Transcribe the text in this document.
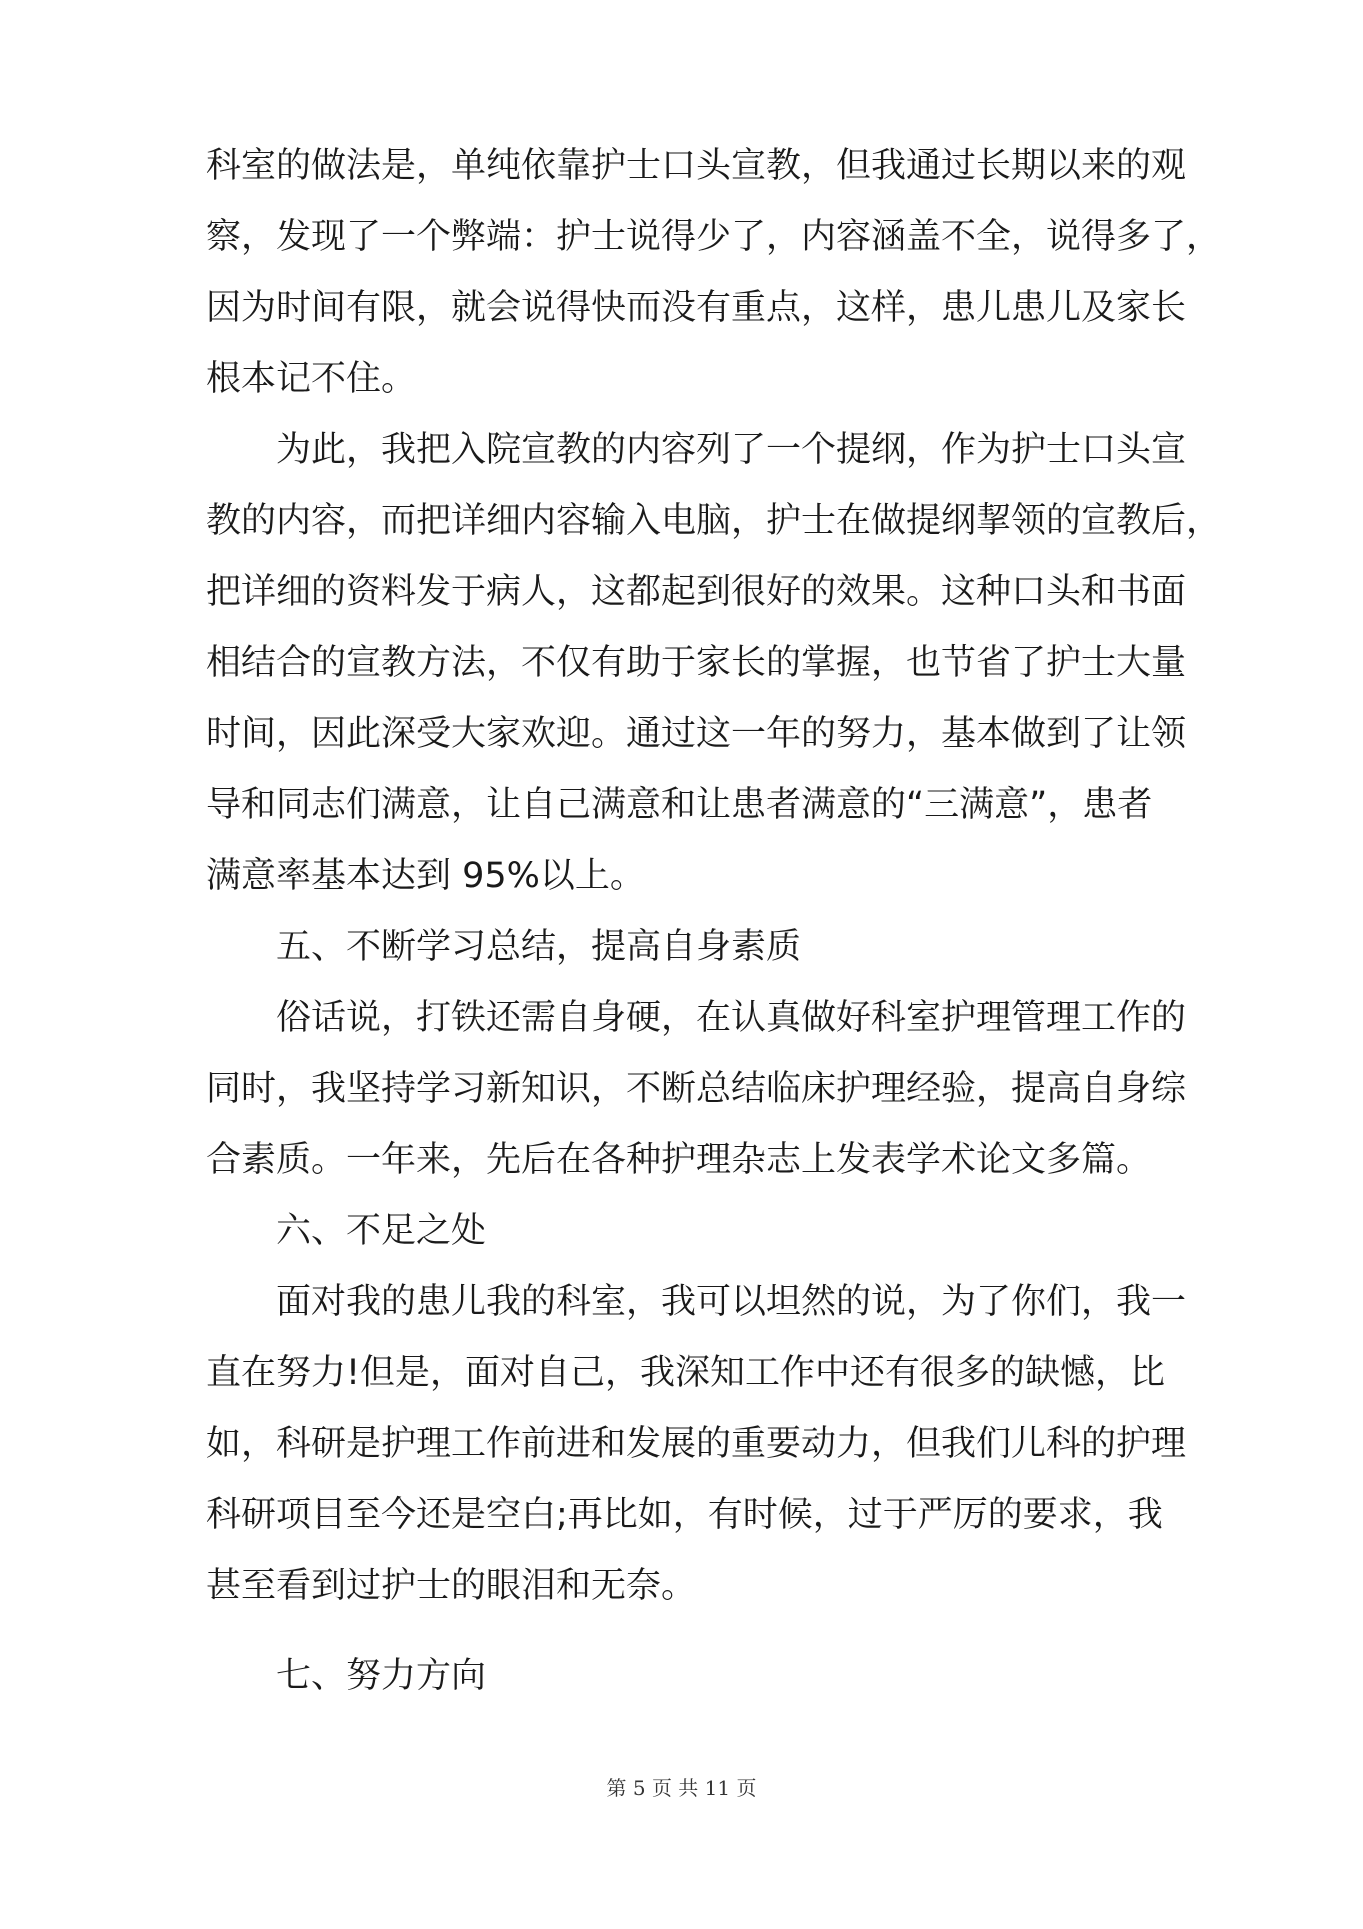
科室的做法是，单纯依靠护士口头宣教，但我通过长期以来的观
察，发现了一个弊端：护士说得少了，内容涵盖不全，说得多了，
因为时间有限，就会说得快而没有重点，这样，患儿患儿及家长
根本记不住。
为此，我把入院宣教的内容列了一个提纲，作为护士口头宣
教的内容，而把详细内容输入电脑，护士在做提纲挈领的宣教后，
把详细的资料发于病人，这都起到很好的效果。这种口头和书面
相结合的宣教方法，不仅有助于家长的掌握，也节省了护士大量
时间，因此深受大家欢迎。通过这一年的努力，基本做到了让领
导和同志们满意，让自己满意和让患者满意的“三满意”，患者
满意率基本达到 95%以上。
五、不断学习总结，提高自身素质
俗话说，打铁还需自身硬，在认真做好科室护理管理工作的
同时，我坚持学习新知识，不断总结临床护理经验，提高自身综
合素质。一年来，先后在各种护理杂志上发表学术论文多篇。
六、不足之处
面对我的患儿我的科室，我可以坦然的说，为了你们，我一
直在努力!但是，面对自己，我深知工作中还有很多的缺憾，比
如，科研是护理工作前进和发展的重要动力，但我们儿科的护理
科研项目至今还是空白;再比如，有时候，过于严厉的要求，我
甚至看到过护士的眼泪和无奈。
七、努力方向
第 5 页 共 11 页
